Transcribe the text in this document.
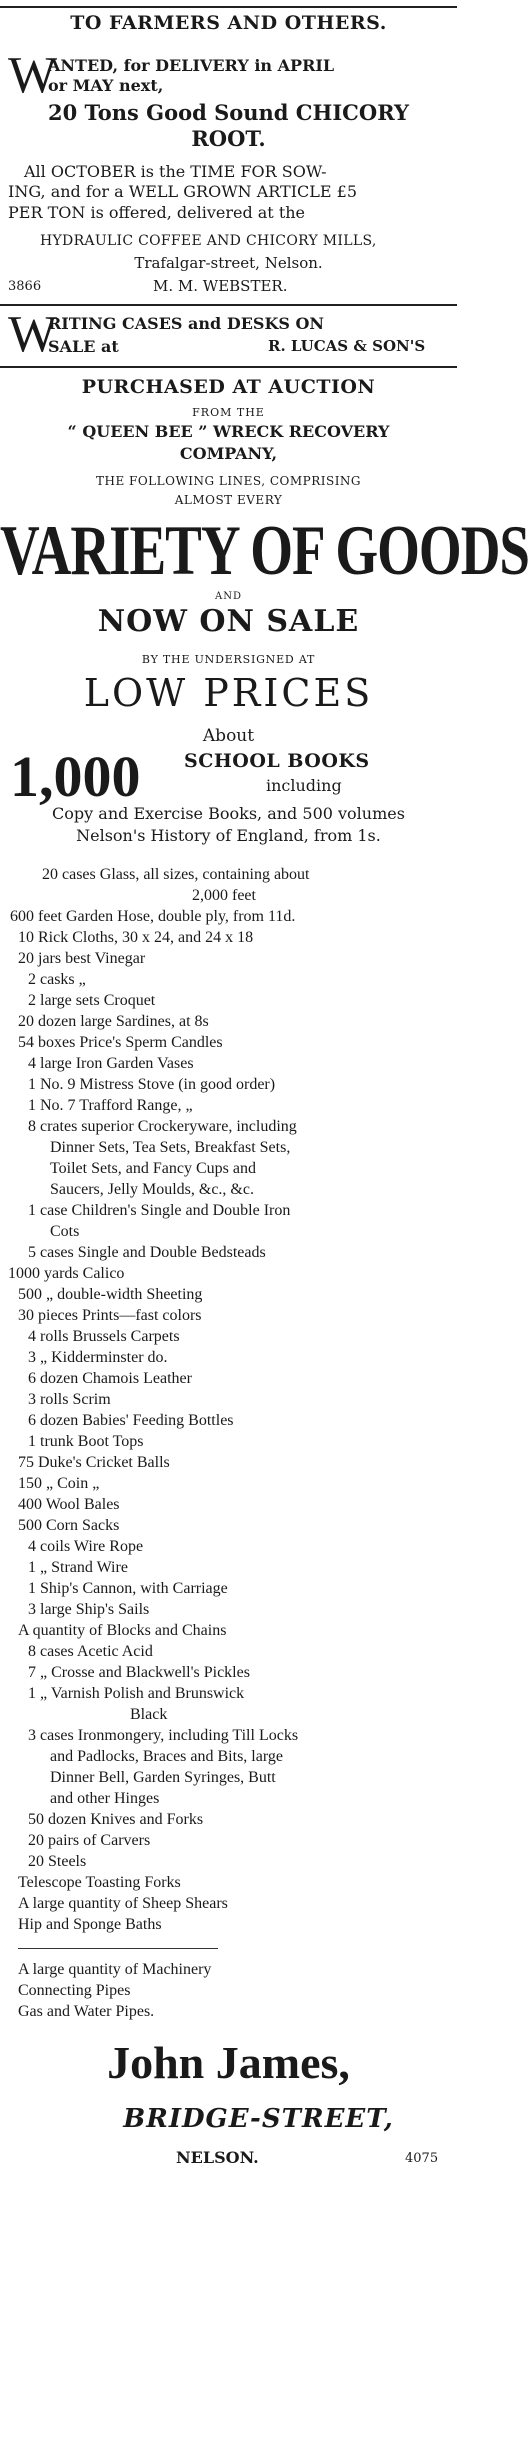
TO FARMERS AND OTHERS.
W
ANTED, for DELIVERY in APRIL
or MAY next,
20 Tons Good Sound CHICORY
ROOT.
All OCTOBER is the TIME FOR SOW-
ING, and for a WELL GROWN ARTICLE £5
PER TON is offered, delivered at the
HYDRAULIC COFFEE AND CHICORY MILLS,
Trafalgar-street, Nelson.
3866	M. M. WEBSTER.
W
RITING CASES and DESKS ON
SALE at	R. LUCAS & SON'S
PURCHASED AT AUCTION
FROM THE
“ QUEEN BEE ” WRECK RECOVERY
COMPANY,
THE FOLLOWING LINES, COMPRISING
ALMOST EVERY
VARIETY OF GOODS
AND
NOW ON SALE
BY THE UNDERSIGNED AT
LOW PRICES
About
1,000 SCHOOL BOOKS
including
Copy and Exercise Books, and 500 volumes
Nelson's History of England, from 1s.
20 cases Glass, all sizes, containing about
2,000 feet
600 feet Garden Hose, double ply, from 11d.
10 Rick Cloths, 30 x 24, and 24 x 18
20 jars best Vinegar
2 casks „
2 large sets Croquet
20 dozen large Sardines, at 8s
54 boxes Price's Sperm Candles
4 large Iron Garden Vases
1 No. 9 Mistress Stove (in good order)
1 No. 7 Trafford Range, „
8 crates superior Crockeryware, including
Dinner Sets, Tea Sets, Breakfast Sets,
Toilet Sets, and Fancy Cups and
Saucers, Jelly Moulds, &c., &c.
1 case Children's Single and Double Iron
Cots
5 cases Single and Double Bedsteads
1000 yards Calico
500 „ double-width Sheeting
30 pieces Prints—fast colors
4 rolls Brussels Carpets
3 „ Kidderminster do.
6 dozen Chamois Leather
3 rolls Scrim
6 dozen Babies' Feeding Bottles
1 trunk Boot Tops
75 Duke's Cricket Balls
150 „ Coin „
400 Wool Bales
500 Corn Sacks
4 coils Wire Rope
1 „ Strand Wire
1 Ship's Cannon, with Carriage
3 large Ship's Sails
A quantity of Blocks and Chains
8 cases Acetic Acid
7 „ Crosse and Blackwell's Pickles
1 „ Varnish Polish and Brunswick
Black
3 cases Ironmongery, including Till Locks
and Padlocks, Braces and Bits, large
Dinner Bell, Garden Syringes, Butt
and other Hinges
50 dozen Knives and Forks
20 pairs of Carvers
20 Steels
Telescope Toasting Forks
A large quantity of Sheep Shears
Hip and Sponge Baths
A large quantity of Machinery
Connecting Pipes
Gas and Water Pipes.
John James,
BRIDGE-STREET,
NELSON.	4075
